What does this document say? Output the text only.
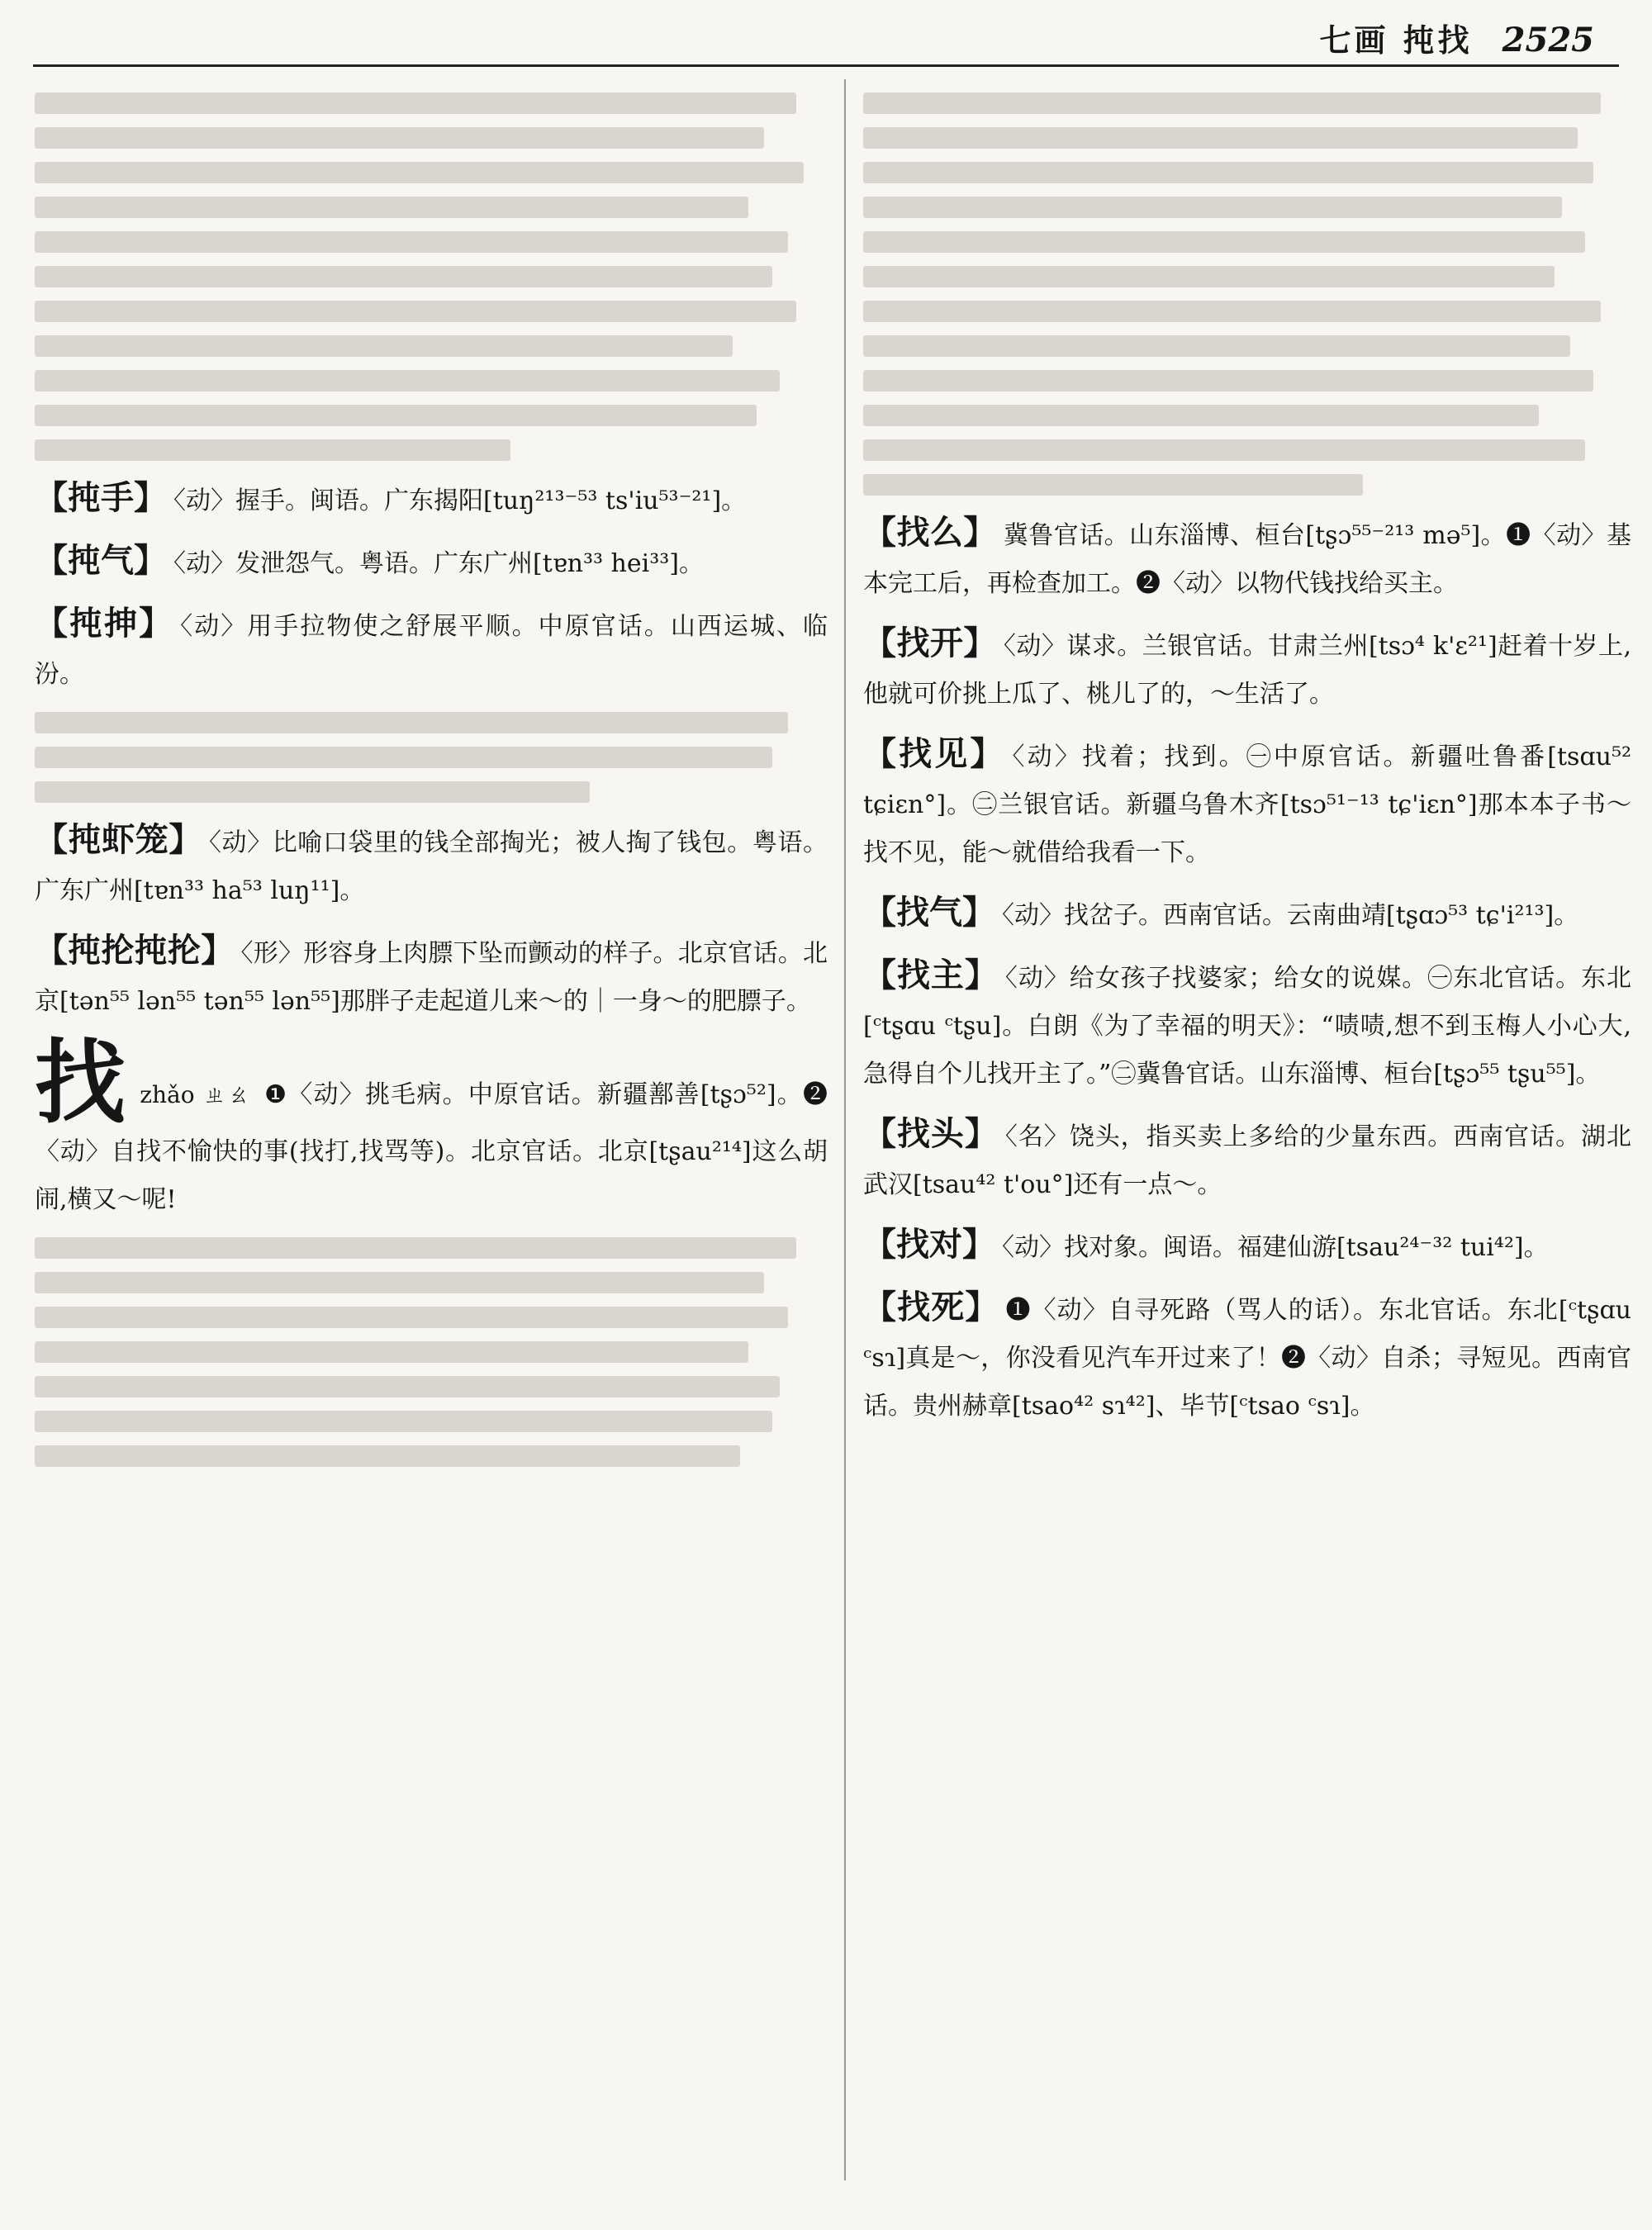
七画 扽找 2525
【扽手】 〈动〉握手。闽语。广东揭阳[tuŋ²¹³⁻⁵³ ts'iu⁵³⁻²¹]。
【扽气】 〈动〉发泄怨气。粤语。广东广州[tɐn³³ hei³³]。
【扽抻】 〈动〉用手拉物使之舒展平顺。中原官话。山西运城、临汾。
【扽虾笼】 〈动〉比喻口袋里的钱全部掏光；被人掏了钱包。粤语。广东广州[tɐn³³ ha⁵³ luŋ¹¹]。
【扽抡扽抡】 〈形〉形容身上肉膘下坠而颤动的样子。北京官话。北京[tən⁵⁵ lən⁵⁵ tən⁵⁵ lən⁵⁵]那胖子走起道儿来～的｜一身～的肥膘子。
找zhǎo ㄓㄠ ❶〈动〉挑毛病。中原官话。新疆鄯善[tʂɔ⁵²]。❷〈动〉自找不愉快的事(找打,找骂等)。北京官话。北京[tʂau²¹⁴]这么胡闹,横又～呢!
【找么】 冀鲁官话。山东淄博、桓台[tʂɔ⁵⁵⁻²¹³ mə⁵]。❶〈动〉基本完工后，再检查加工。❷〈动〉以物代钱找给买主。
【找开】 〈动〉谋求。兰银官话。甘肃兰州[tsɔ⁴ k'ɛ²¹]赶着十岁上,他就可价挑上瓜了、桃儿了的，～生活了。
【找见】 〈动〉找着；找到。㊀中原官话。新疆吐鲁番[tsɑu⁵² tɕiɛn°]。㊁兰银官话。新疆乌鲁木齐[tsɔ⁵¹⁻¹³ tɕ'iɛn°]那本本子书～找不见，能～就借给我看一下。
【找气】 〈动〉找岔子。西南官话。云南曲靖[tʂɑɔ⁵³ tɕ'i²¹³]。
【找主】 〈动〉给女孩子找婆家；给女的说媒。㊀东北官话。东北[ᶜtʂɑu ᶜtʂu]。白朗《为了幸福的明天》：“啧啧,想不到玉梅人小心大,急得自个儿找开主了。”㊁冀鲁官话。山东淄博、桓台[tʂɔ⁵⁵ tʂu⁵⁵]。
【找头】 〈名〉饶头，指买卖上多给的少量东西。西南官话。湖北武汉[tsau⁴² t'ou°]还有一点～。
【找对】 〈动〉找对象。闽语。福建仙游[tsau²⁴⁻³² tui⁴²]。
【找死】 ❶〈动〉自寻死路（骂人的话）。东北官话。东北[ᶜtʂɑu ᶜsɿ]真是～，你没看见汽车开过来了！❷〈动〉自杀；寻短见。西南官话。贵州赫章[tsao⁴² sɿ⁴²]、毕节[ᶜtsao ᶜsɿ]。
